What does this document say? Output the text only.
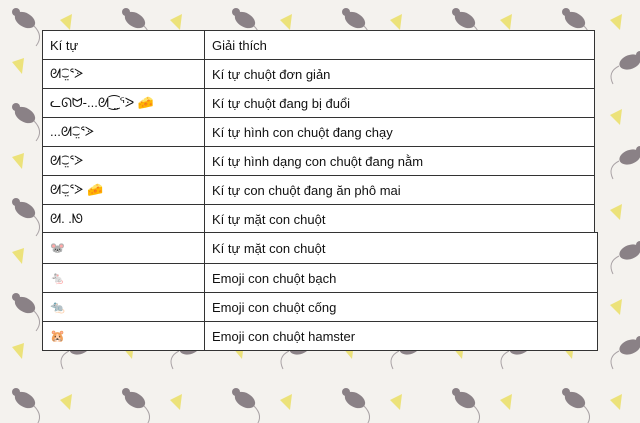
Kí tự	Giải thích
ᘛ⁐̤ᕐᐷ	Kí tự chuột đơn giản
ᓚᘏᗢ-...ᘛ⁐̤ᕐᐷ 🧀	Kí tự chuột đang bị đuổi
...ᘛ⁐̤ᕐᐷ	Kí tự hình con chuột đang chạy
ᘛ⁐̤ᕐᐷ	Kí tự hình dạng con chuột đang nằm
ᘛ⁐̤ᕐᐷ 🧀	Kí tự con chuột đang ăn phô mai
ᘛ. .ᘚ	Kí tự mặt con chuột
🐭	Kí tự mặt con chuột
🐁	Emoji con chuột bạch
🐀	Emoji con chuột cống
🐹	Emoji con chuột hamster
